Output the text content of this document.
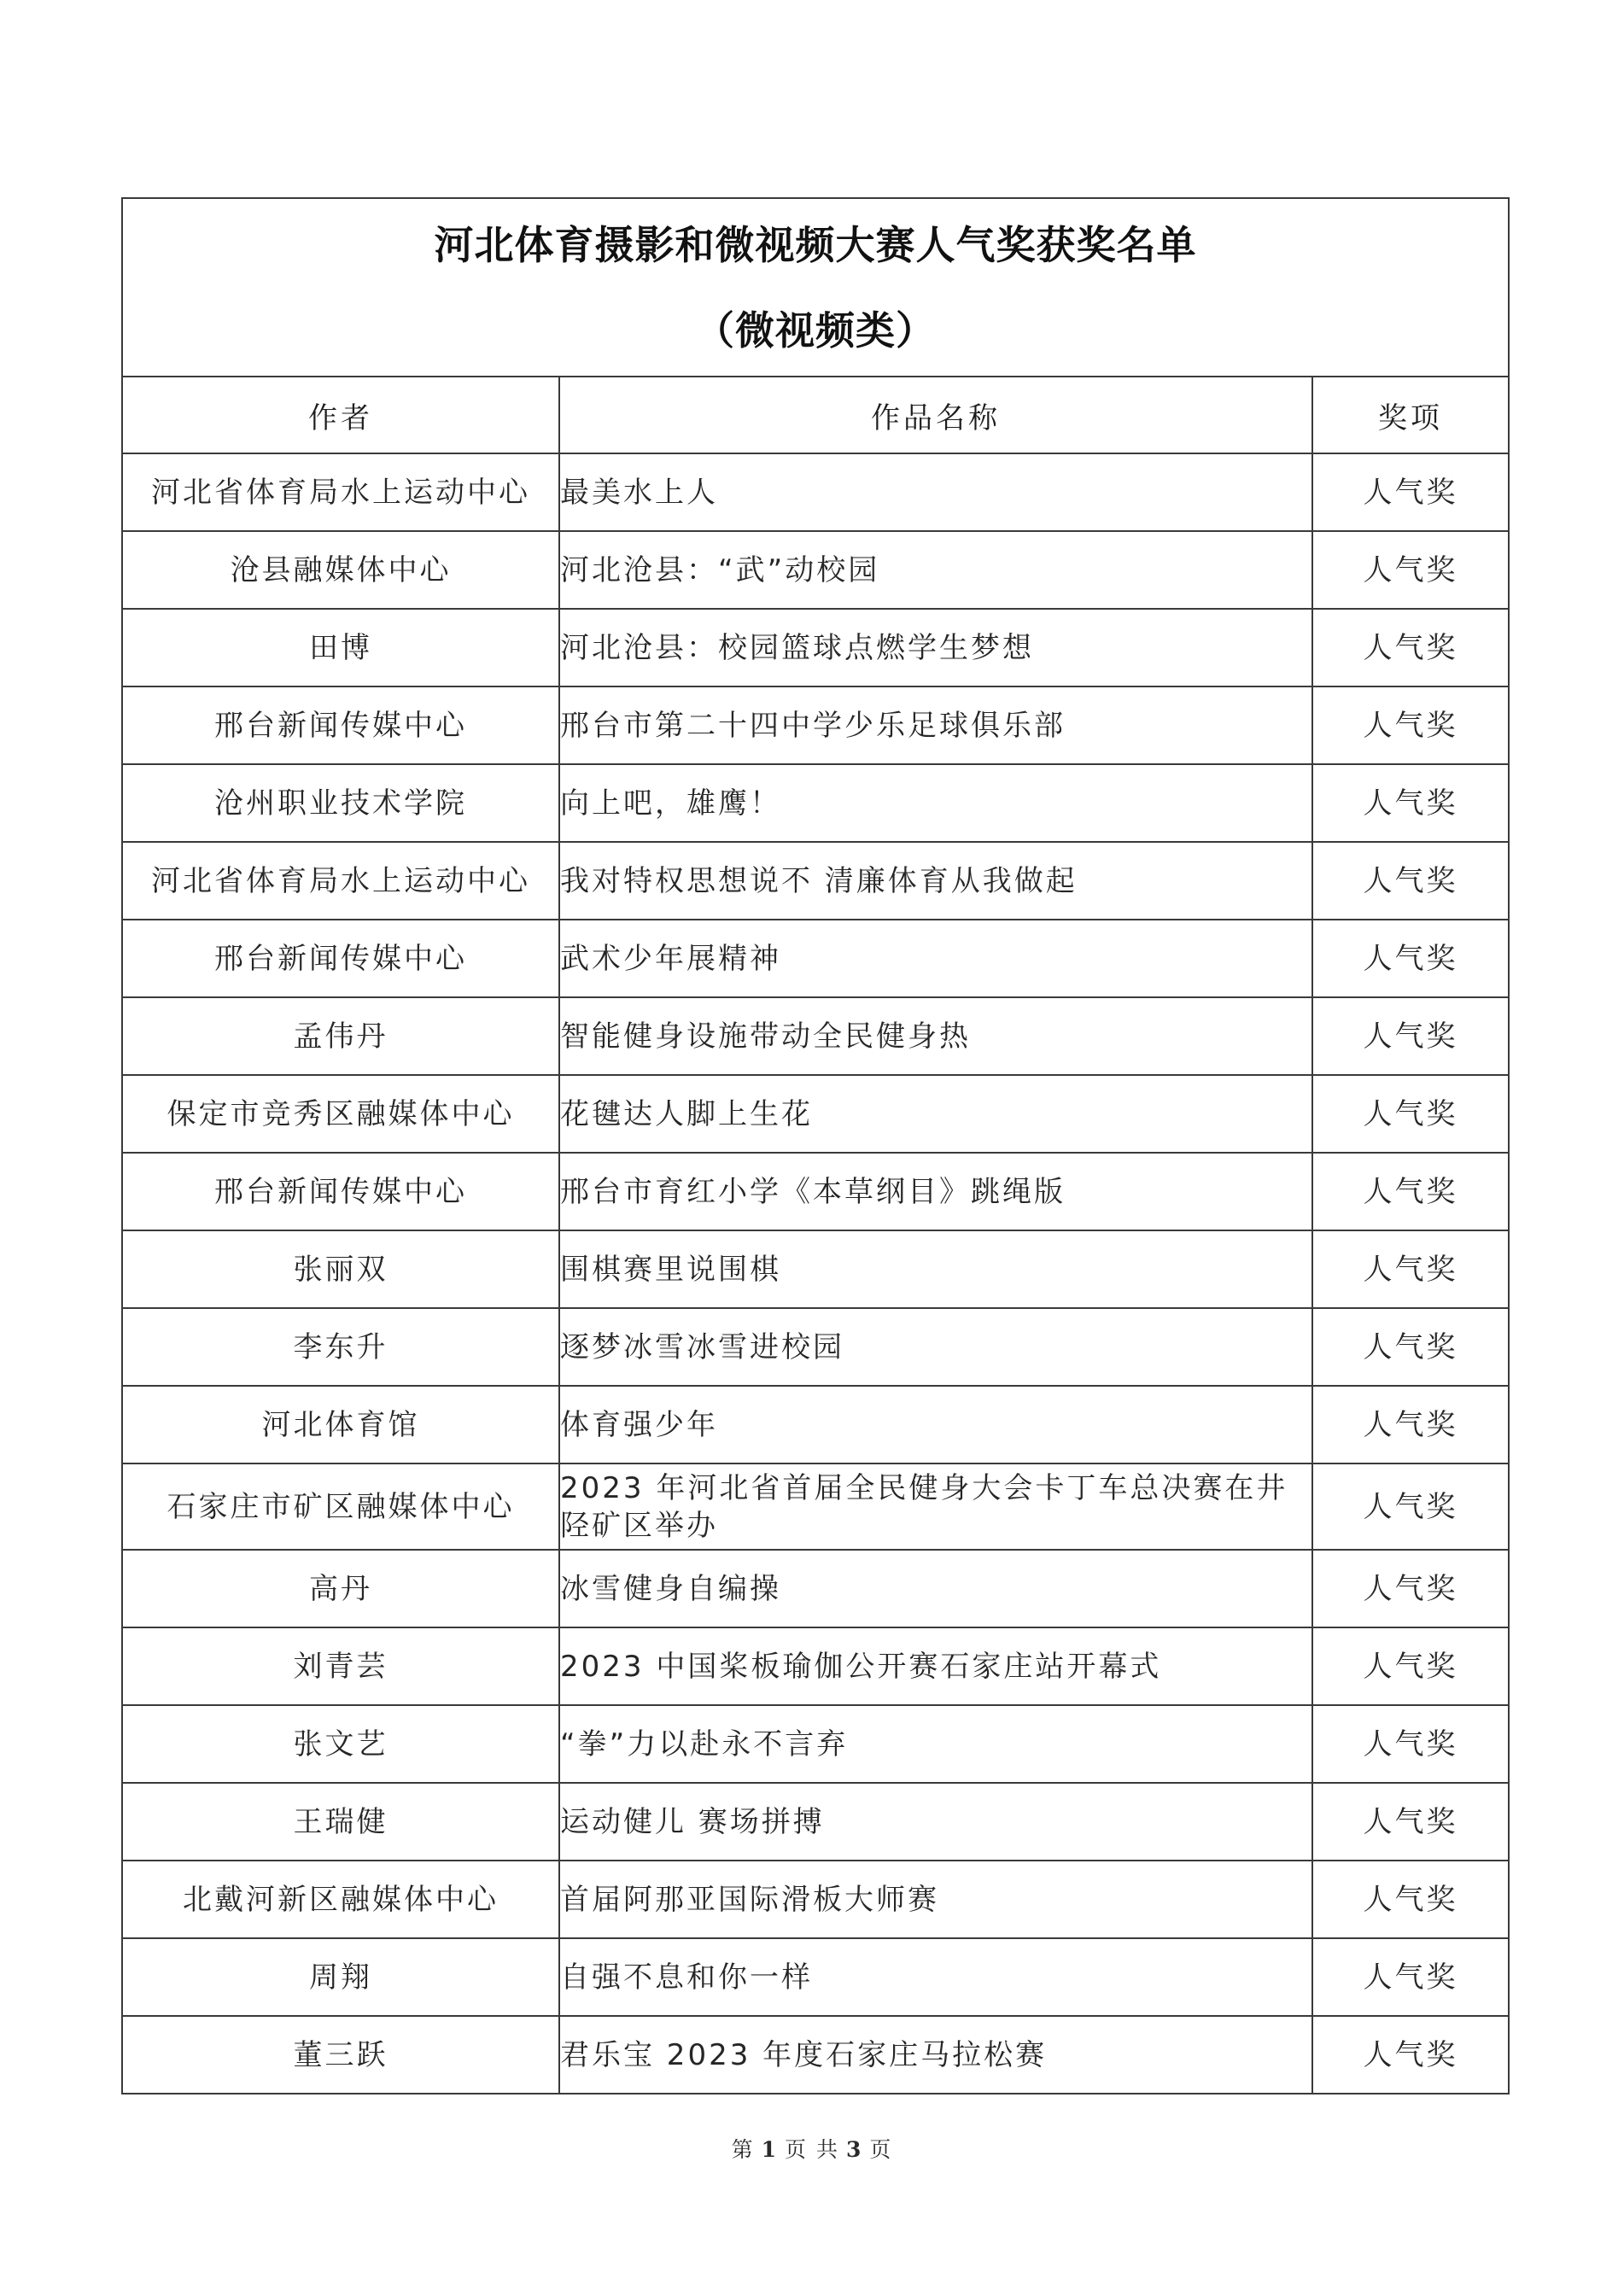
河北体育摄影和微视频大赛人气奖获奖名单
（微视频类）		

作者	作品名称	奖项
河北省体育局水上运动中心	最美水上人	人气奖
沧县融媒体中心	河北沧县：“武”动校园	人气奖
田博	河北沧县：校园篮球点燃学生梦想	人气奖
邢台新闻传媒中心	邢台市第二十四中学少乐足球俱乐部	人气奖
沧州职业技术学院	向上吧，雄鹰！	人气奖
河北省体育局水上运动中心	我对特权思想说不 清廉体育从我做起	人气奖
邢台新闻传媒中心	武术少年展精神	人气奖
孟伟丹	智能健身设施带动全民健身热	人气奖
保定市竞秀区融媒体中心	花毽达人脚上生花	人气奖
邢台新闻传媒中心	邢台市育红小学《本草纲目》跳绳版	人气奖
张丽双	围棋赛里说围棋	人气奖
李东升	逐梦冰雪冰雪进校园	人气奖
河北体育馆	体育强少年	人气奖
石家庄市矿区融媒体中心	2023 年河北省首届全民健身大会卡丁车总决赛在井陉矿区举办	人气奖
高丹	冰雪健身自编操	人气奖
刘青芸	2023 中国桨板瑜伽公开赛石家庄站开幕式	人气奖
张文艺	“拳”力以赴永不言弃	人气奖
王瑞健	运动健儿 赛场拼搏	人气奖
北戴河新区融媒体中心	首届阿那亚国际滑板大师赛	人气奖
周翔	自强不息和你一样	人气奖
董三跃	君乐宝 2023 年度石家庄马拉松赛	人气奖
第 1 页 共 3 页
